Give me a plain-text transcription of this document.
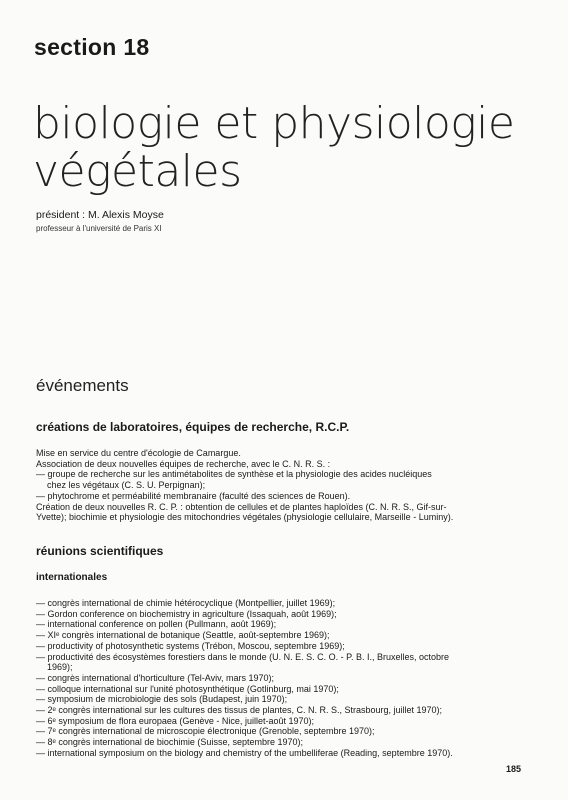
section 18
biologie et physiologie
végétales
président : M. Alexis Moyse
professeur à l'université de Paris XI
événements
créations de laboratoires, équipes de recherche, R.C.P.
Mise en service du centre d'écologie de Camargue.
Association de deux nouvelles équipes de recherche, avec le C. N. R. S. :
— groupe de recherche sur les antimétabolites de synthèse et la physiologie des acides nucléiques
chez les végétaux (C. S. U. Perpignan);
— phytochrome et perméabilité membranaire (faculté des sciences de Rouen).
Création de deux nouvelles R. C. P. : obtention de cellules et de plantes haploïdes (C. N. R. S., Gif-sur-
Yvette); biochimie et physiologie des mitochondries végétales (physiologie cellulaire, Marseille - Luminy).
réunions scientifiques
internationales
— congrès international de chimie hétérocyclique (Montpellier, juillet 1969);
— Gordon conference on biochemistry in agriculture (Issaquah, août 1969);
— international conference on pollen (Pullmann, août 1969);
— XIᵉ congrès international de botanique (Seattle, août-septembre 1969);
— productivity of photosynthetic systems (Trébon, Moscou, septembre 1969);
— productivité des écosystèmes forestiers dans le monde (U. N. E. S. C. O. - P. B. I., Bruxelles, octobre
1969);
— congrès international d'horticulture (Tel-Aviv, mars 1970);
— colloque international sur l'unité photosynthétique (Gotlinburg, mai 1970);
— symposium de microbiologie des sols (Budapest, juin 1970);
— 2ᵉ congrès international sur les cultures des tissus de plantes, C. N. R. S., Strasbourg, juillet 1970);
— 6ᵉ symposium de flora europaea (Genève - Nice, juillet-août 1970);
— 7ᵉ congrès international de microscopie électronique (Grenoble, septembre 1970);
— 8ᵉ congrès international de biochimie (Suisse, septembre 1970);
— international symposium on the biology and chemistry of the umbelliferae (Reading, septembre 1970).
185
